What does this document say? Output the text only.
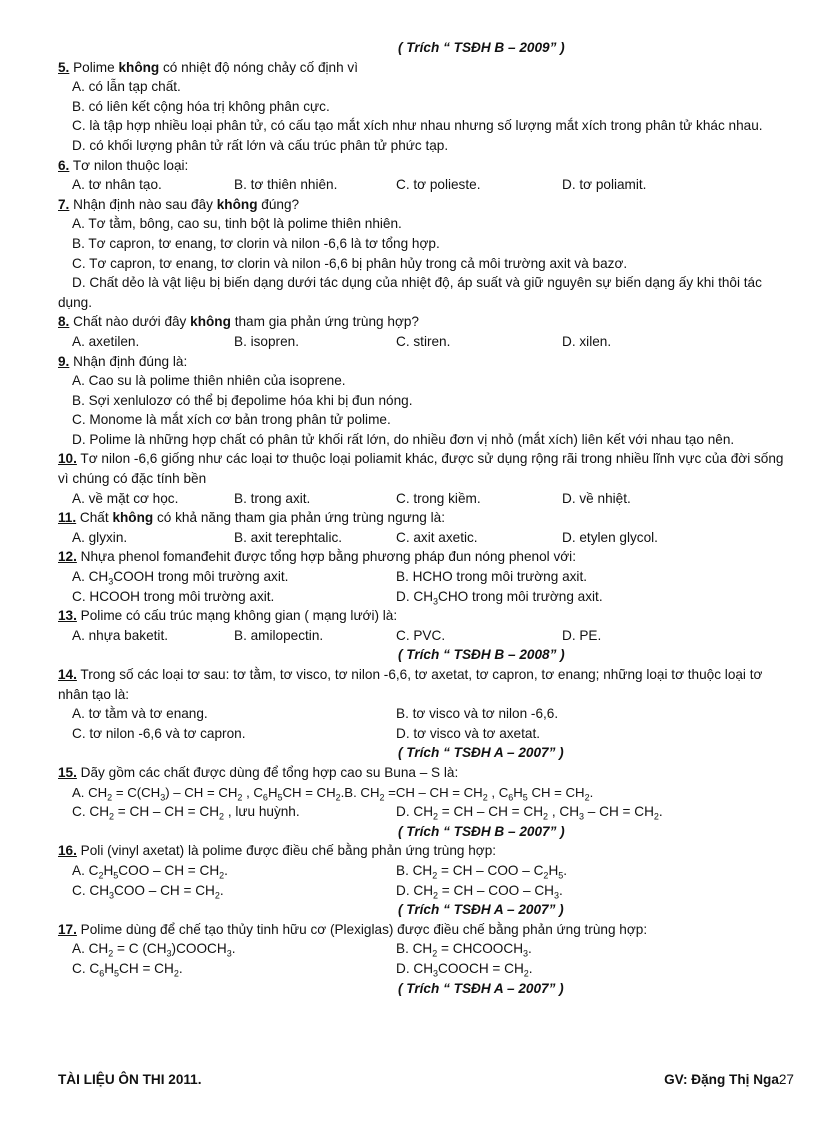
( Trích “ TSĐH B – 2009” )
5. Polime không có nhiệt độ nóng chảy cố định vì
A. có lẫn tạp chất.
B. có liên kết cộng hóa trị không phân cực.
C. là tập hợp nhiều loại phân tử, có cấu tạo mắt xích như nhau nhưng số lượng mắt xích trong phân tử khác nhau.
D. có khối lượng phân tử rất lớn và cấu trúc phân tử phức tạp.
6. Tơ nilon thuộc loại:
A. tơ nhân tạo.	B. tơ thiên nhiên.	C. tơ polieste.	D. tơ poliamit.
7. Nhận định nào sau đây không đúng?
A. Tơ tằm, bông, cao su, tinh bột là polime thiên nhiên.
B. Tơ capron, tơ enang, tơ clorin và nilon -6,6 là tơ tổng hợp.
C. Tơ capron, tơ enang, tơ clorin và nilon -6,6 bị phân hủy trong cả môi trường axit và bazơ.
D. Chất dẻo là vật liệu bị biến dạng dưới tác dụng của nhiệt độ, áp suất và giữ nguyên sự biến dạng ấy khi thôi tác dụng.
8. Chất nào dưới đây không tham gia phản ứng trùng hợp?
A. axetilen.	B. isopren.	C. stiren.	D. xilen.
9. Nhận định đúng là:
A. Cao su là polime thiên nhiên của isoprene.
B. Sợi xenlulozơ có thể bị đepolime hóa khi bị đun nóng.
C. Monome là mắt xích cơ bản trong phân tử polime.
D. Polime là những hợp chất có phân tử khối rất lớn, do nhiều đơn vị nhỏ (mắt xích) liên kết với nhau tạo nên.
10. Tơ nilon -6,6 giống như các loại tơ thuộc loại poliamit khác, được sử dụng rộng rãi trong nhiều lĩnh vực của đời sống vì chúng có đặc tính bền
A. về mặt cơ học.	B. trong axit.	C. trong kiềm.	D. về nhiệt.
11. Chất không có khả năng tham gia phản ứng trùng ngưng là:
A. glyxin.	B. axit terephtalic.	C. axit axetic.	D. etylen glycol.
12. Nhựa phenol fomanđehit được tổng hợp bằng phương pháp đun nóng phenol với:
A. $CH_3COOH$ trong môi trường axit.	B. HCHO trong môi trường axit.
C. HCOOH trong môi trường axit.	D. $CH_3CHO$ trong môi trường axit.
13. Polime có cấu trúc mạng không gian ( mạng lưới) là:
A. nhựa baketit.	B. amilopectin.	C. PVC.	D. PE.
( Trích “ TSĐH B – 2008” )
14. Trong số các loại tơ sau: tơ tằm, tơ visco, tơ nilon -6,6, tơ axetat, tơ capron, tơ enang; những loại tơ thuộc loại tơ nhân tạo là:
A. tơ tằm và tơ enang.	B. tơ visco và tơ nilon -6,6.
C. tơ nilon -6,6 và tơ capron.	D. tơ visco và tơ axetat.
( Trích “ TSĐH A – 2007” )
15. Dãy gồm các chất được dùng để tổng hợp cao su Buna – S là:
A. $CH_2 = C(CH_3)$ – CH = $CH_2$ , $C_6H_5CH = CH_2$. B. $CH_2 =CH$ – CH = $CH_2$ , $C_6H_5$ CH = $CH_2$.
C. $CH_2$ = CH – CH = $CH_2$ , lưu huỳnh.	D. $CH_2$ = CH – CH = $CH_2$ , $CH_3$ – CH = $CH_2$.
( Trích “ TSĐH B – 2007” )
16. Poli (vinyl axetat) là polime được điều chế bằng phản ứng trùng hợp:
A. $C_2H_5COO$ – CH = $CH_2$.	B. $CH_2$ = CH – COO – $C_2H_5$.
C. $CH_3COO$ – CH = $CH_2$.	D. $CH_2$ = CH – COO – $CH_3$.
( Trích “ TSĐH A – 2007” )
17. Polime dùng để chế tạo thủy tinh hữu cơ (Plexiglas) được điều chế bằng phản ứng trùng hợp:
A. $CH_2 = C$ $(CH_3)COOCH_3$.	B. $CH_2$ = $CHCOOCH_3$.
C. $C_6H_5CH = CH_2$.	D. $CH_3COOCH = CH_2$.
( Trích “ TSĐH A – 2007” )
TÀI LIỆU ÔN THI 2011.	GV: Đặng Thị Nga27
